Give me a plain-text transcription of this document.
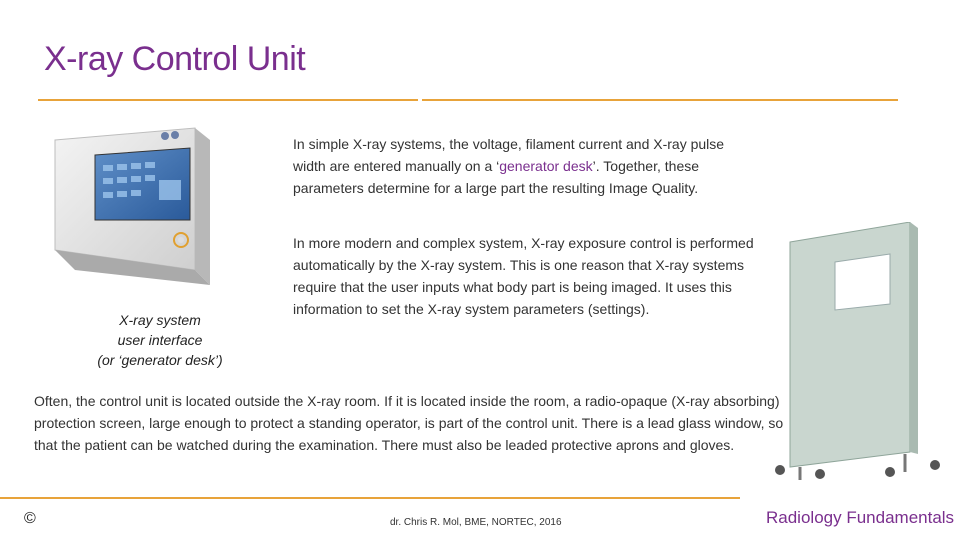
X-ray Control Unit
X-ray system
user interface
(or ‘generator desk’)
In simple X-ray systems, the voltage, filament current and X-ray pulse width are entered manually on a ‘generator desk’. Together, these parameters determine for a large part the resulting Image Quality.
In more modern and complex system, X-ray exposure control is performed automatically by the X-ray system. This is one reason that X-ray systems require that the user inputs what body part is being imaged. It uses this information to set the X-ray system parameters (settings).
Often, the control unit is located outside the X-ray room. If it is located inside the room, a radio-opaque (X-ray absorbing) protection screen, large enough to protect a standing operator, is part of the control unit. There is a lead glass window, so that the patient can be watched during the examination. There must also be leaded protective aprons and gloves.
©	dr. Chris R. Mol, BME, NORTEC, 2016	Radiology Fundamentals
